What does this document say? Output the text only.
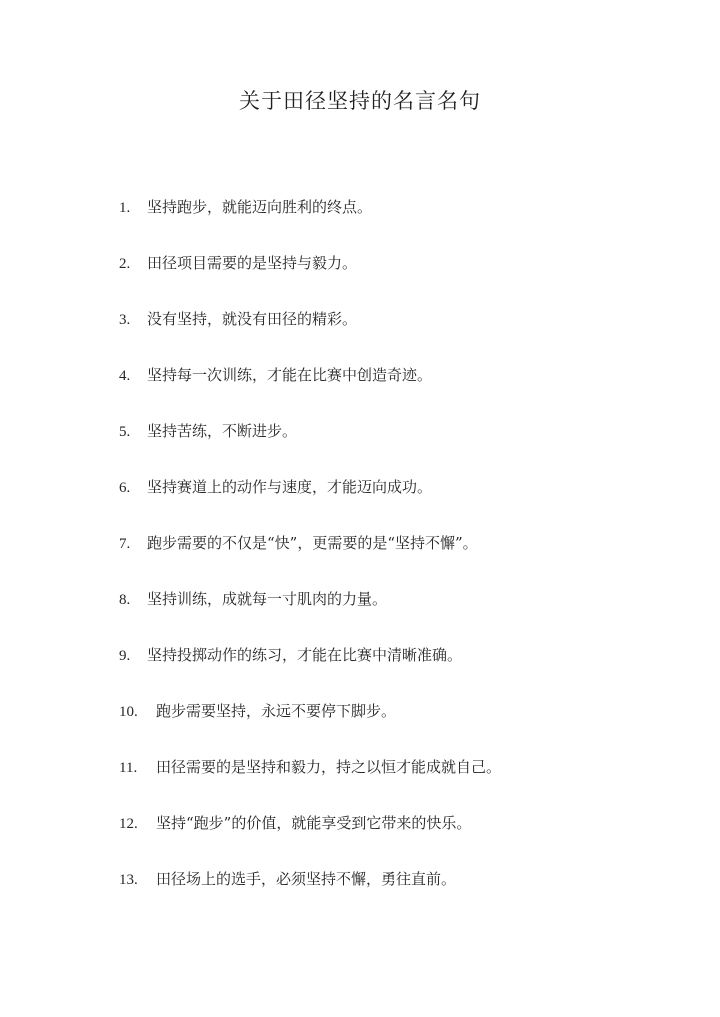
关于田径坚持的名言名句
1. 坚持跑步，就能迈向胜利的终点。
2. 田径项目需要的是坚持与毅力。
3. 没有坚持，就没有田径的精彩。
4. 坚持每一次训练，才能在比赛中创造奇迹。
5. 坚持苦练，不断进步。
6. 坚持赛道上的动作与速度，才能迈向成功。
7. 跑步需要的不仅是“快”，更需要的是“坚持不懈”。
8. 坚持训练，成就每一寸肌肉的力量。
9. 坚持投掷动作的练习，才能在比赛中清晰准确。
10. 跑步需要坚持，永远不要停下脚步。
11. 田径需要的是坚持和毅力，持之以恒才能成就自己。
12. 坚持“跑步”的价值，就能享受到它带来的快乐。
13. 田径场上的选手，必须坚持不懈，勇往直前。
